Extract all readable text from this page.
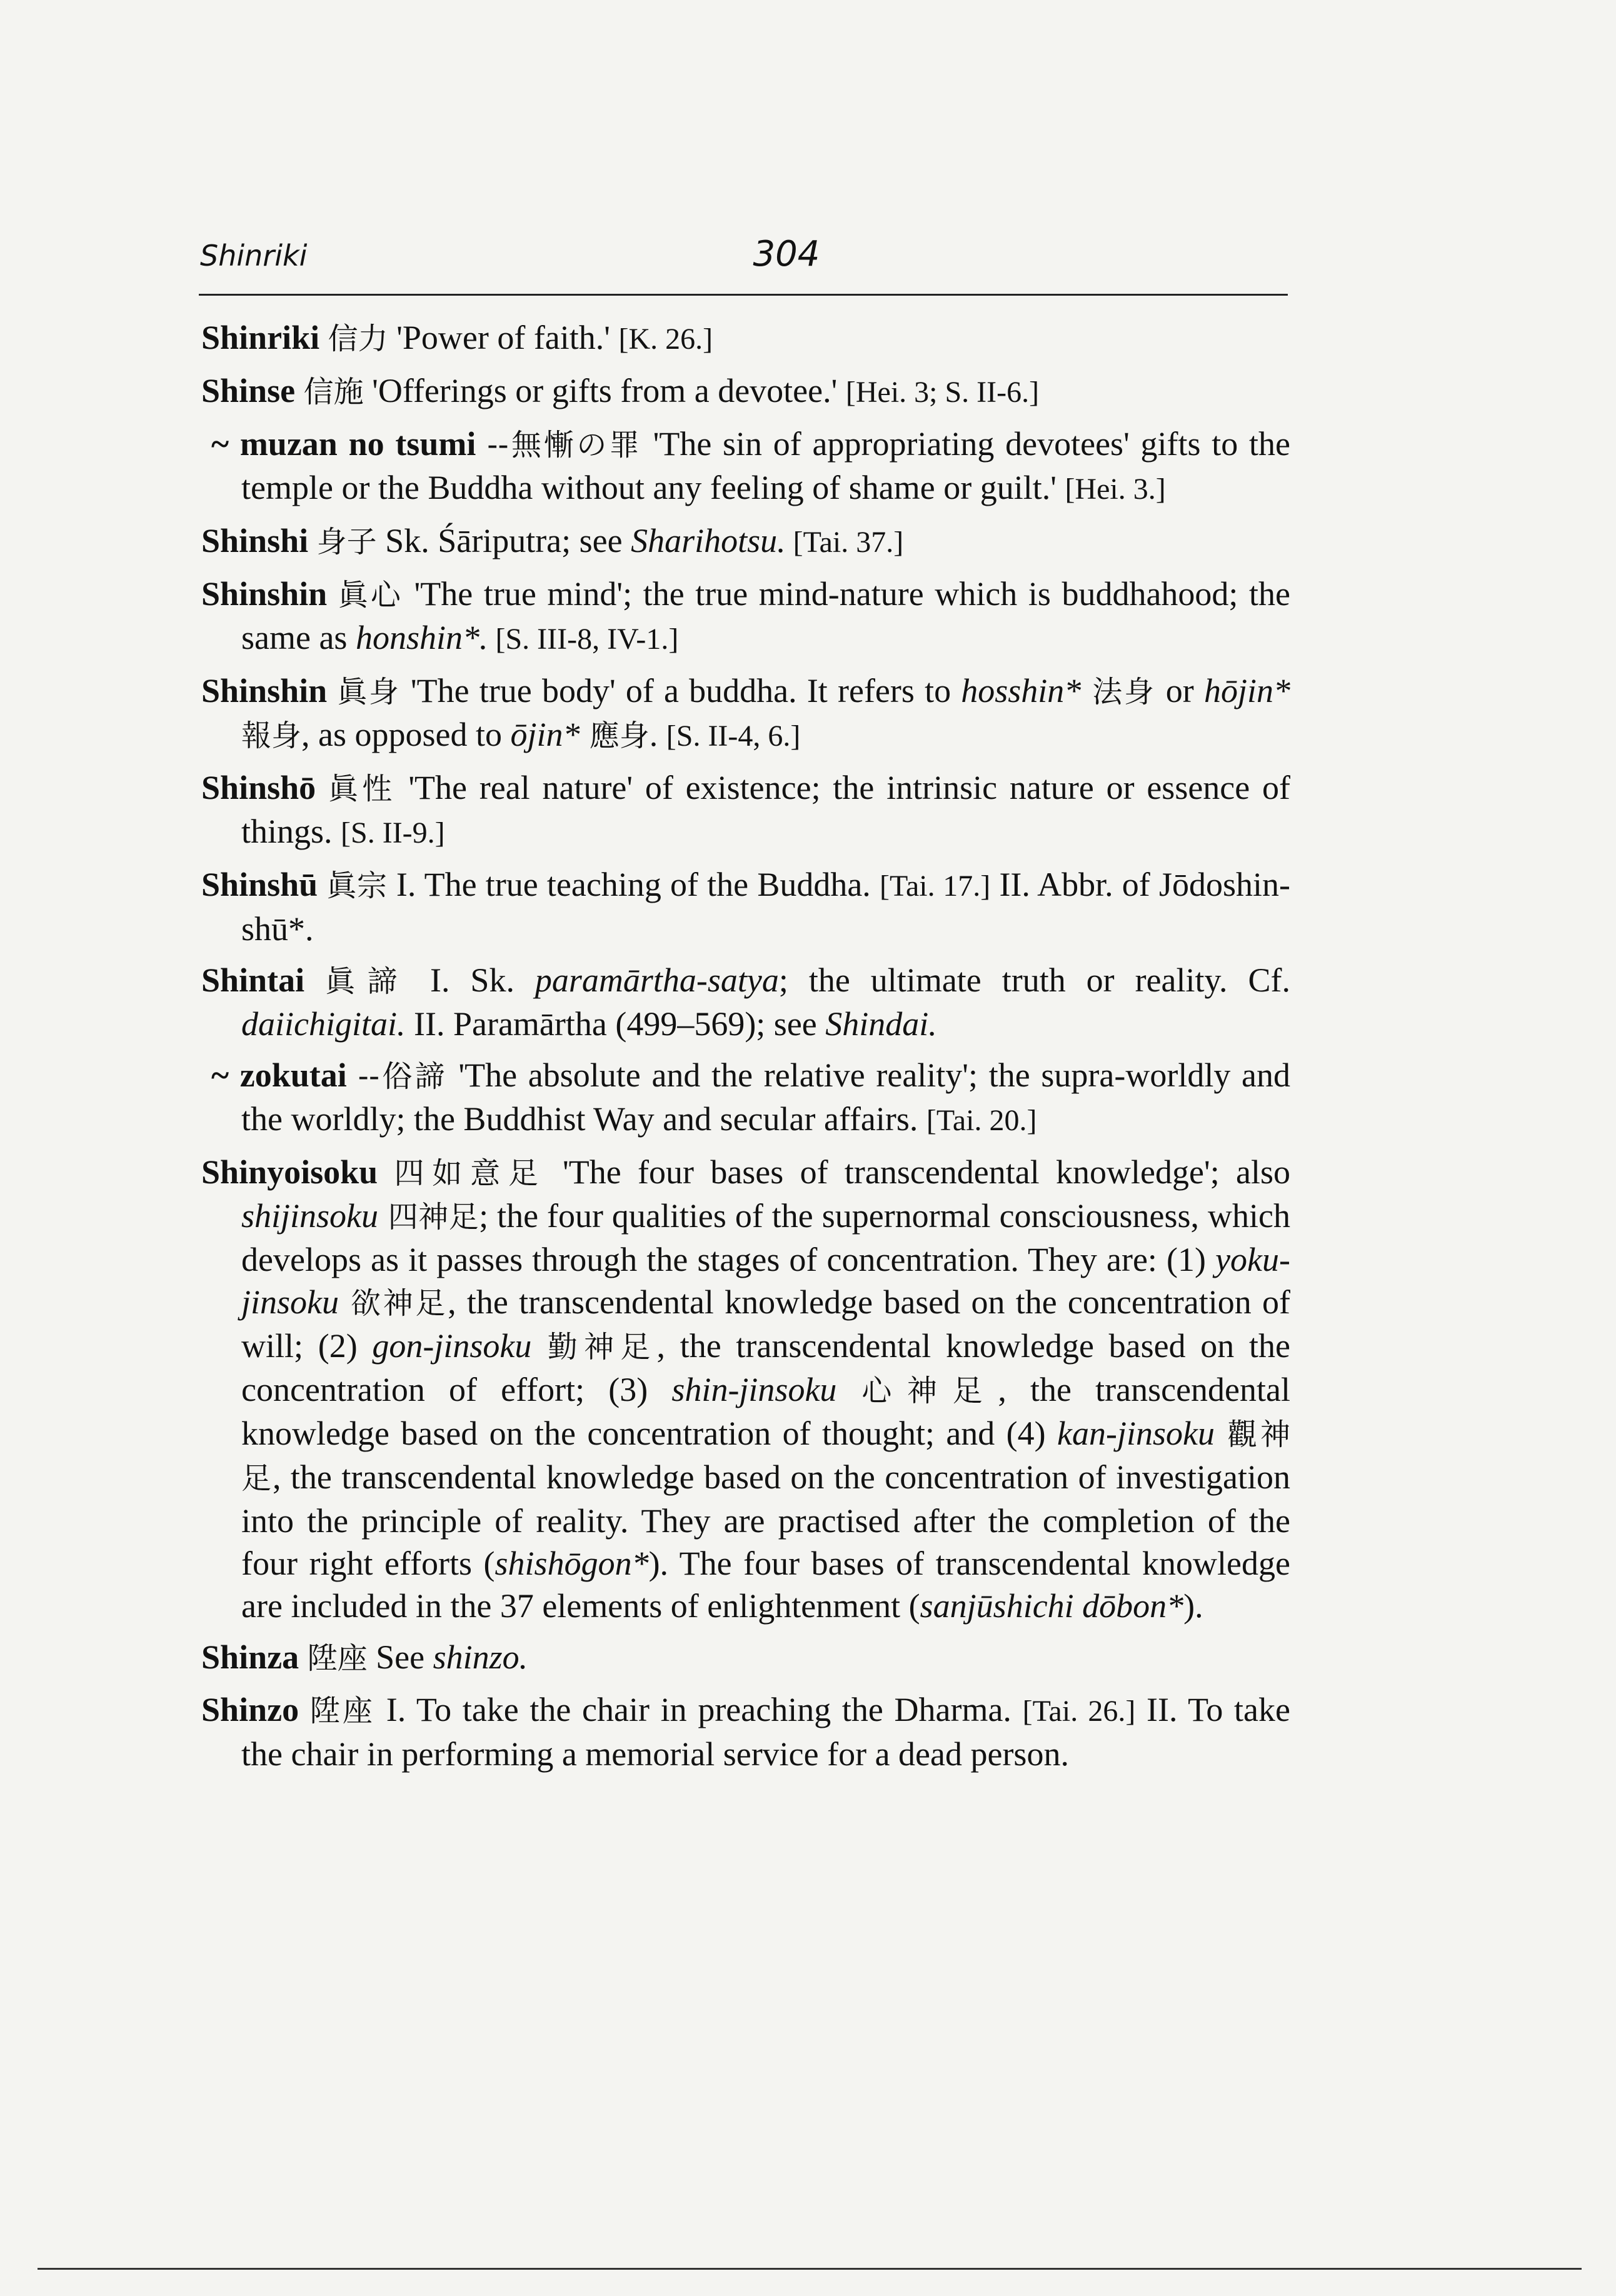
Shinriki	304

Shinriki 信力 'Power of faith.' [K. 26.]

Shinse 信施 'Offerings or gifts from a devotee.' [Hei. 3; S. II-6.]

~ muzan no tsumi --無慚の罪 'The sin of appropriating devotees' gifts to the temple or the Buddha without any feeling of shame or guilt.' [Hei. 3.]

Shinshi 身子 Sk. Śāriputra; see Sharihotsu. [Tai. 37.]

Shinshin 眞心 'The true mind'; the true mind-nature which is buddhahood; the same as honshin*. [S. III-8, IV-1.]

Shinshin 眞身 'The true body' of a buddha. It refers to hosshin* 法身 or hōjin* 報身, as opposed to ōjin* 應身. [S. II-4, 6.]

Shinshō 眞性 'The real nature' of existence; the intrinsic nature or essence of things. [S. II-9.]

Shinshū 眞宗 I. The true teaching of the Buddha. [Tai. 17.] II. Abbr. of Jōdoshin-shū*.

Shintai 眞諦 I. Sk. paramārtha-satya; the ultimate truth or reality. Cf. daiichigitai. II. Paramārtha (499–569); see Shindai.

~ zokutai --俗諦 'The absolute and the relative reality'; the supra-worldly and the worldly; the Buddhist Way and secular affairs. [Tai. 20.]

Shinyoisoku 四如意足 'The four bases of transcendental knowledge'; also shijinsoku 四神足; the four qualities of the supernormal consciousness, which develops as it passes through the stages of concentration. They are: (1) yoku-jinsoku 欲神足, the transcendental knowledge based on the concentration of will; (2) gon-jinsoku 勤神足, the transcendental knowledge based on the concentration of effort; (3) shin-jinsoku 心神足, the transcendental knowledge based on the concentration of thought; and (4) kan-jinsoku 觀神足, the transcendental knowledge based on the concentration of investigation into the principle of reality. They are practised after the completion of the four right efforts (shishōgon*). The four bases of transcendental knowledge are included in the 37 elements of enlightenment (sanjūshichi dōbon*).

Shinza 陞座 See shinzo.

Shinzo 陞座 I. To take the chair in preaching the Dharma. [Tai. 26.] II. To take the chair in performing a memorial service for a dead person.
